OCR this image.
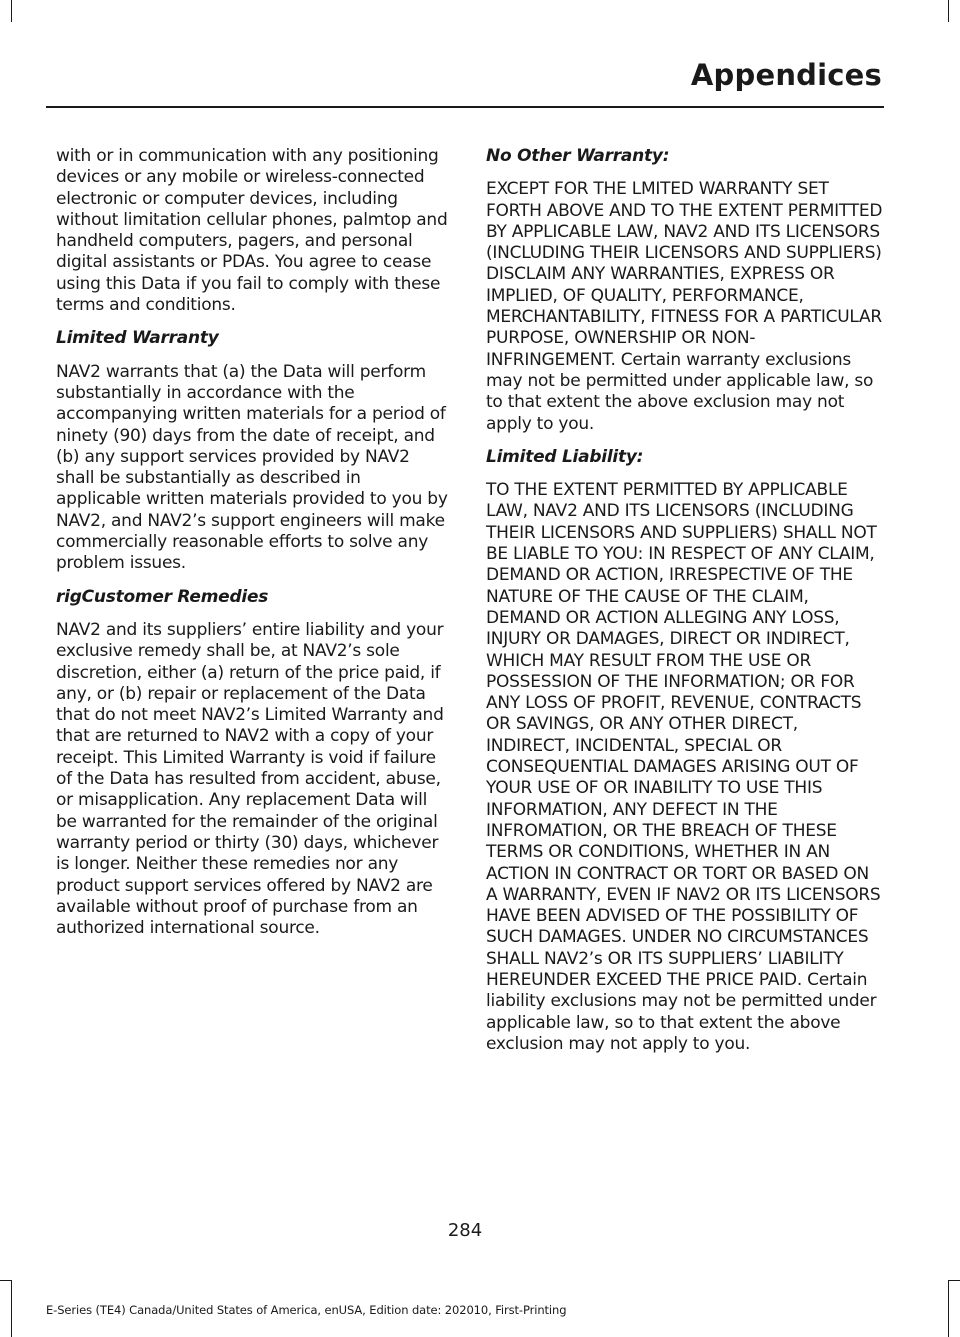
Appendices

with or in communication with any positioning devices or any mobile or wireless-connected electronic or computer devices, including without limitation cellular phones, palmtop and handheld computers, pagers, and personal digital assistants or PDAs. You agree to cease using this Data if you fail to comply with these terms and conditions.

Limited Warranty

NAV2 warrants that (a) the Data will perform substantially in accordance with the accompanying written materials for a period of ninety (90) days from the date of receipt, and (b) any support services provided by NAV2 shall be substantially as described in applicable written materials provided to you by NAV2, and NAV2’s support engineers will make commercially reasonable efforts to solve any problem issues.

rigCustomer Remedies

NAV2 and its suppliers’ entire liability and your exclusive remedy shall be, at NAV2’s sole discretion, either (a) return of the price paid, if any, or (b) repair or replacement of the Data that do not meet NAV2’s Limited Warranty and that are returned to NAV2 with a copy of your receipt. This Limited Warranty is void if failure of the Data has resulted from accident, abuse, or misapplication. Any replacement Data will be warranted for the remainder of the original warranty period or thirty (30) days, whichever is longer. Neither these remedies nor any product support services offered by NAV2 are available without proof of purchase from an authorized international source.

No Other Warranty:

EXCEPT FOR THE LMITED WARRANTY SET FORTH ABOVE AND TO THE EXTENT PERMITTED BY APPLICABLE LAW, NAV2 AND ITS LICENSORS (INCLUDING THEIR LICENSORS AND SUPPLIERS) DISCLAIM ANY WARRANTIES, EXPRESS OR IMPLIED, OF QUALITY, PERFORMANCE, MERCHANTABILITY, FITNESS FOR A PARTICULAR PURPOSE, OWNERSHIP OR NON-INFRINGEMENT. Certain warranty exclusions may not be permitted under applicable law, so to that extent the above exclusion may not apply to you.

Limited Liability:

TO THE EXTENT PERMITTED BY APPLICABLE LAW, NAV2 AND ITS LICENSORS (INCLUDING THEIR LICENSORS AND SUPPLIERS) SHALL NOT BE LIABLE TO YOU: IN RESPECT OF ANY CLAIM, DEMAND OR ACTION, IRRESPECTIVE OF THE NATURE OF THE CAUSE OF THE CLAIM, DEMAND OR ACTION ALLEGING ANY LOSS, INJURY OR DAMAGES, DIRECT OR INDIRECT, WHICH MAY RESULT FROM THE USE OR POSSESSION OF THE INFORMATION; OR FOR ANY LOSS OF PROFIT, REVENUE, CONTRACTS OR SAVINGS, OR ANY OTHER DIRECT, INDIRECT, INCIDENTAL, SPECIAL OR CONSEQUENTIAL DAMAGES ARISING OUT OF YOUR USE OF OR INABILITY TO USE THIS INFORMATION, ANY DEFECT IN THE INFROMATION, OR THE BREACH OF THESE TERMS OR CONDITIONS, WHETHER IN AN ACTION IN CONTRACT OR TORT OR BASED ON A WARRANTY, EVEN IF NAV2 OR ITS LICENSORS HAVE BEEN ADVISED OF THE POSSIBILITY OF SUCH DAMAGES. UNDER NO CIRCUMSTANCES SHALL NAV2’s OR ITS SUPPLIERS’ LIABILITY HEREUNDER EXCEED THE PRICE PAID. Certain liability exclusions may not be permitted under applicable law, so to that extent the above exclusion may not apply to you.

284
E-Series (TE4) Canada/United States of America, enUSA, Edition date: 202010, First-Printing
